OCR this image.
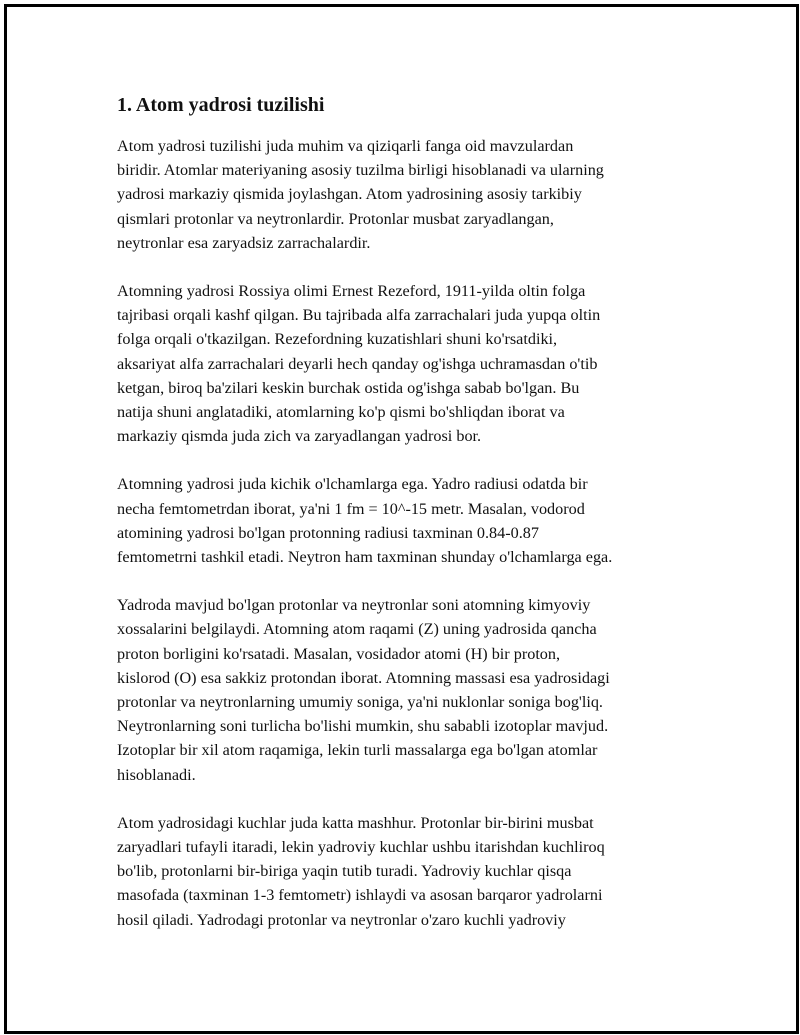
1. Atom yadrosi tuzilishi

Atom yadrosi tuzilishi juda muhim va qiziqarli fanga oid mavzulardan
biridir. Atomlar materiyaning asosiy tuzilma birligi hisoblanadi va ularning
yadrosi markaziy qismida joylashgan. Atom yadrosining asosiy tarkibiy
qismlari protonlar va neytronlardir. Protonlar musbat zaryadlangan,
neytronlar esa zaryadsiz zarrachalardir.

Atomning yadrosi Rossiya olimi Ernest Rezeford, 1911-yilda oltin folga
tajribasi orqali kashf qilgan. Bu tajribada alfa zarrachalari juda yupqa oltin
folga orqali o'tkazilgan. Rezefordning kuzatishlari shuni ko'rsatdiki,
aksariyat alfa zarrachalari deyarli hech qanday og'ishga uchramasdan o'tib
ketgan, biroq ba'zilari keskin burchak ostida og'ishga sabab bo'lgan. Bu
natija shuni anglatadiki, atomlarning ko'p qismi bo'shliqdan iborat va
markaziy qismda juda zich va zaryadlangan yadrosi bor.

Atomning yadrosi juda kichik o'lchamlarga ega. Yadro radiusi odatda bir
necha femtometrdan iborat, ya'ni 1 fm = 10^-15 metr. Masalan, vodorod
atomining yadrosi bo'lgan protonning radiusi taxminan 0.84-0.87
femtometrni tashkil etadi. Neytron ham taxminan shunday o'lchamlarga ega.

Yadroda mavjud bo'lgan protonlar va neytronlar soni atomning kimyoviy
xossalarini belgilaydi. Atomning atom raqami (Z) uning yadrosida qancha
proton borligini ko'rsatadi. Masalan, vosidador atomi (H) bir proton,
kislorod (O) esa sakkiz protondan iborat. Atomning massasi esa yadrosidagi
protonlar va neytronlarning umumiy soniga, ya'ni nuklonlar soniga bog'liq.
Neytronlarning soni turlicha bo'lishi mumkin, shu sababli izotoplar mavjud.
Izotoplar bir xil atom raqamiga, lekin turli massalarga ega bo'lgan atomlar
hisoblanadi.

Atom yadrosidagi kuchlar juda katta mashhur. Protonlar bir-birini musbat
zaryadlari tufayli itaradi, lekin yadroviy kuchlar ushbu itarishdan kuchliroq
bo'lib, protonlarni bir-biriga yaqin tutib turadi. Yadroviy kuchlar qisqa
masofada (taxminan 1-3 femtometr) ishlaydi va asosan barqaror yadrolarni
hosil qiladi. Yadrodagi protonlar va neytronlar o'zaro kuchli yadroviy
